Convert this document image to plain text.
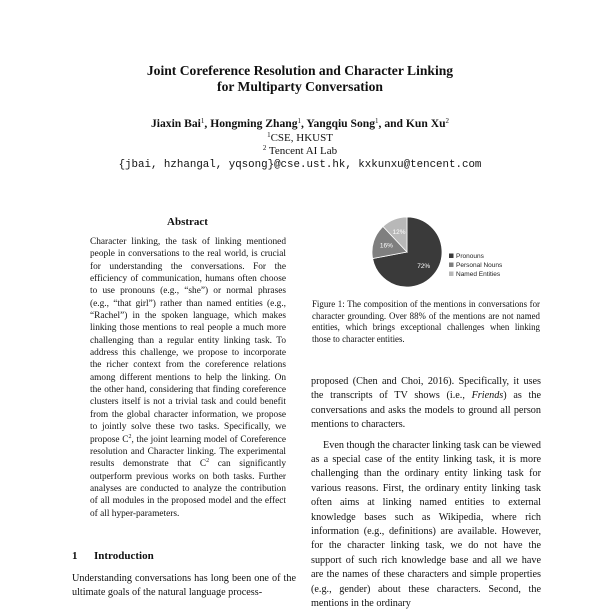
Joint Coreference Resolution and Character Linking
for Multiparty Conversation
Jiaxin Bai$^1$, Hongming Zhang$^1$, Yangqiu Song$^1$, and Kun Xu$^2$
$^1$CSE, HKUST
$^2$ Tencent AI Lab
{jbai, hzhangal, yqsong}@cse.ust.hk, kxkunxu@tencent.com
Abstract
Character linking, the task of linking mentioned people in conversations to the real world, is crucial for understanding the conversations. For the efficiency of communication, humans often choose to use pronouns (e.g., “she”) or normal phrases (e.g., “that girl”) rather than named entities (e.g., “Rachel”) in the spoken language, which makes linking those mentions to real people a much more challenging than a regular entity linking task. To address this challenge, we propose to incorporate the richer context from the coreference relations among different mentions to help the linking. On the other hand, considering that finding coreference clusters itself is not a trivial task and could benefit from the global character information, we propose to jointly solve these two tasks. Specifically, we propose $C^2$, the joint learning model of Coreference resolution and Character linking. The experimental results demonstrate that $C^2$ can significantly outperform previous works on both tasks. Further analyses are conducted to analyze the contribution of all modules in the proposed model and the effect of all hyper-parameters.
1 Introduction
Understanding conversations has long been one of the ultimate goals of the natural language process-
72%
16%
12%
Pronouns
Personal Nouns
Named Entities
Figure 1: The composition of the mentions in conversations for character grounding. Over 88% of the mentions are not named entities, which brings exceptional challenges when linking those to character entities.

proposed (Chen and Choi, 2016). Specifically, it uses the transcripts of TV shows (i.e., Friends) as the conversations and asks the models to ground all person mentions to characters.

Even though the character linking task can be viewed as a special case of the entity linking task, it is more challenging than the ordinary entity linking task for various reasons. First, the ordinary entity linking task often aims at linking named entities to external knowledge bases such as Wikipedia, where rich information (e.g., definitions) are available. However, for the character linking task, we do not have the support of such rich knowledge base and all we have are the names of these characters and simple properties (e.g., gender) about these characters. Second, the mentions in the ordinary
